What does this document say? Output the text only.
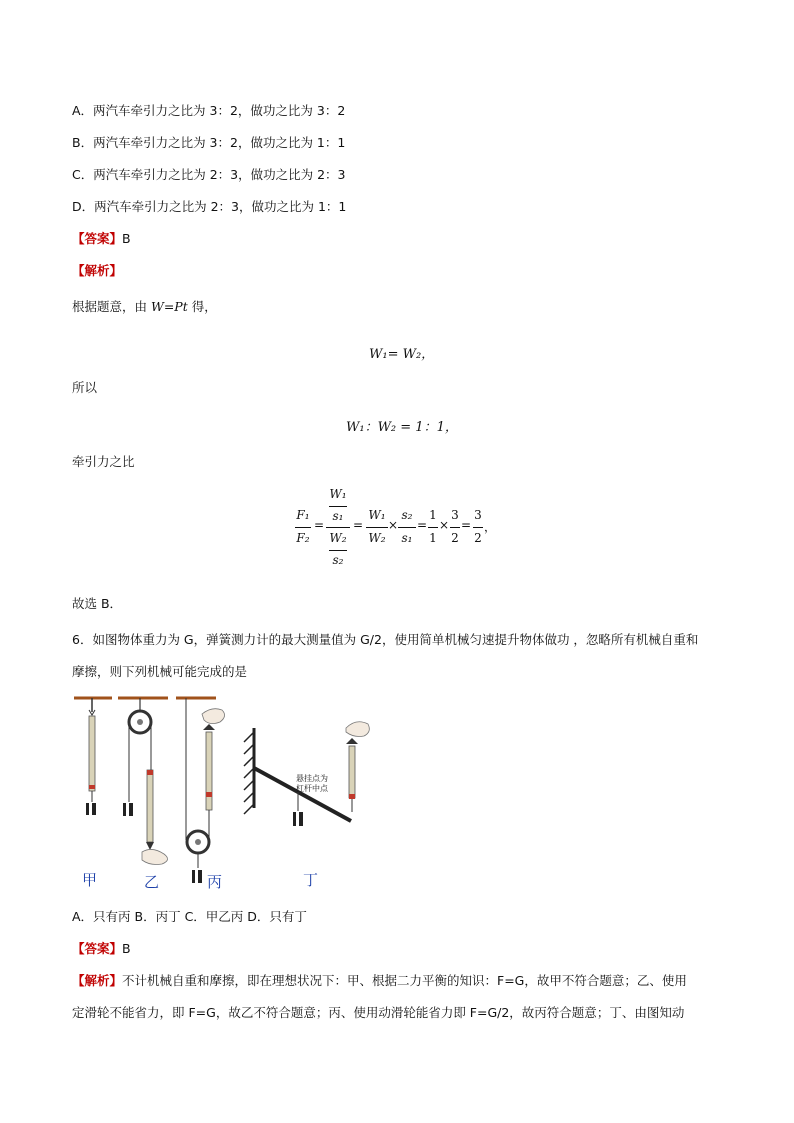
A．两汽车牵引力之比为 3：2，做功之比为 3：2
B．两汽车牵引力之比为 3：2，做功之比为 1：1
C．两汽车牵引力之比为 2：3，做功之比为 2：3
D．两汽车牵引力之比为 2：3，做功之比为 1：1
【答案】B
【解析】
根据题意，由 W=Pt 得，
W₁= W₂，
所以
W₁：W₂ = 1：1，
牵引力之比
F₁
F₂
=
W₁
s₁
W₂
s₂
=
W₁
W₂
×
s₂
s₁
=
1
1
×
3
2
=
3
2
，
故选 B．
6．如图物体重力为 G，弹簧测力计的最大测量值为 G/2，使用简单机械匀速提升物体做功 ，忽略所有机械自重和
摩擦，则下列机械可能完成的是
悬挂点为
杠杆中点
甲	乙	丙	丁
A．只有丙 B．丙丁 C．甲乙丙 D．只有丁
【答案】B
【解析】不计机械自重和摩擦，即在理想状况下：甲、根据二力平衡的知识：F=G，故甲不符合题意；乙、使用
定滑轮不能省力，即 F=G，故乙不符合题意；丙、使用动滑轮能省力即 F=G/2，故丙符合题意；丁、由图知动
